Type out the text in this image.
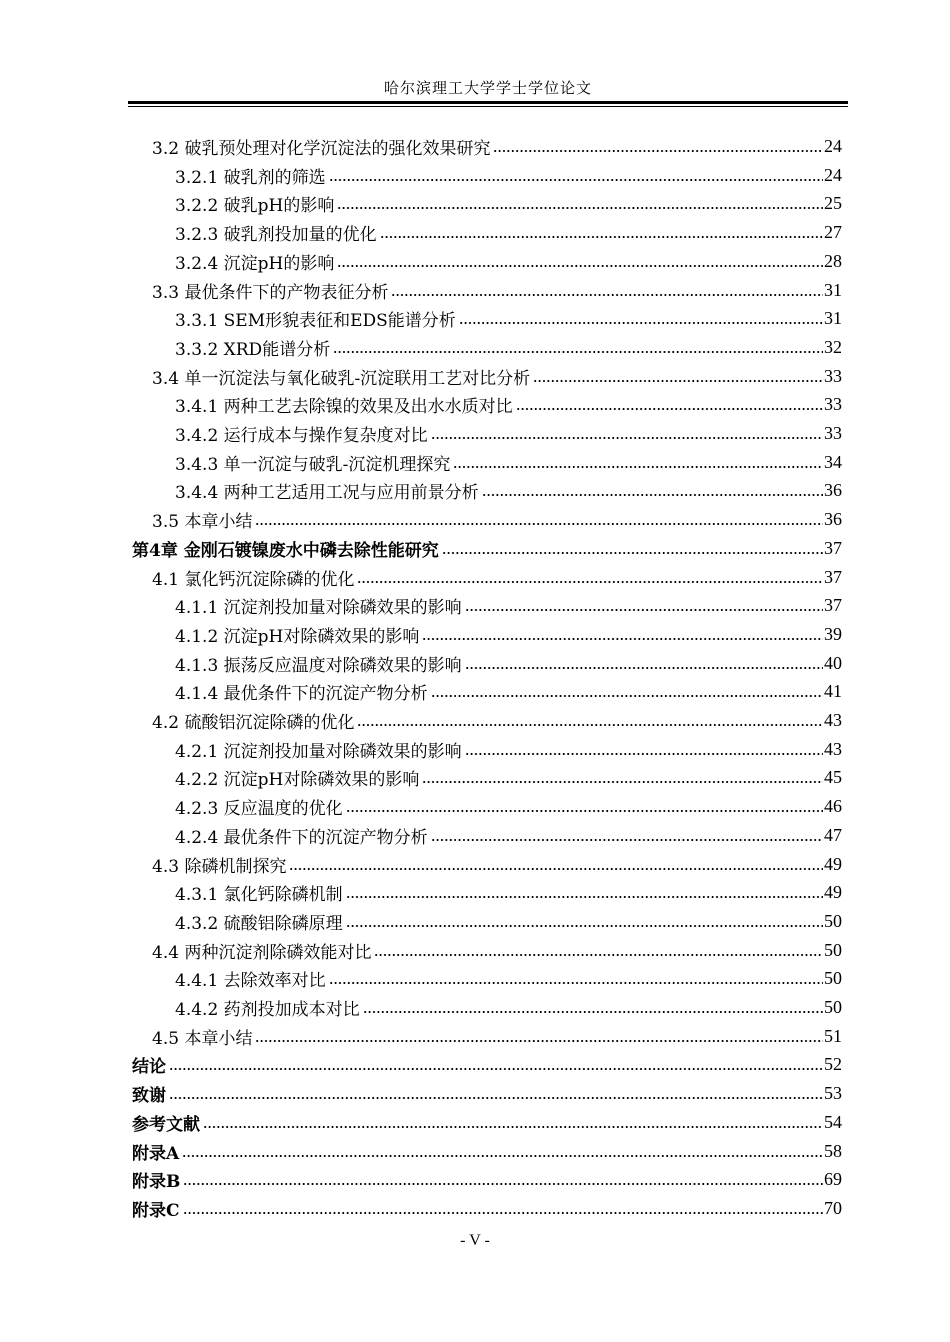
哈尔滨理工大学学士学位论文
3.2 破乳预处理对化学沉淀法的强化效果研究	24
3.2.1 破乳剂的筛选	24
3.2.2 破乳pH的影响	25
3.2.3 破乳剂投加量的优化	27
3.2.4 沉淀pH的影响	28
3.3 最优条件下的产物表征分析	31
3.3.1 SEM形貌表征和EDS能谱分析	31
3.3.2 XRD能谱分析	32
3.4 单一沉淀法与氧化破乳-沉淀联用工艺对比分析	33
3.4.1 两种工艺去除镍的效果及出水水质对比	33
3.4.2 运行成本与操作复杂度对比	33
3.4.3 单一沉淀与破乳-沉淀机理探究	34
3.4.4 两种工艺适用工况与应用前景分析	36
3.5 本章小结	36
第4章 金刚石镀镍废水中磷去除性能研究	37
4.1 氯化钙沉淀除磷的优化	37
4.1.1 沉淀剂投加量对除磷效果的影响	37
4.1.2 沉淀pH对除磷效果的影响	39
4.1.3 振荡反应温度对除磷效果的影响	40
4.1.4 最优条件下的沉淀产物分析	41
4.2 硫酸铝沉淀除磷的优化	43
4.2.1 沉淀剂投加量对除磷效果的影响	43
4.2.2 沉淀pH对除磷效果的影响	45
4.2.3 反应温度的优化	46
4.2.4 最优条件下的沉淀产物分析	47
4.3 除磷机制探究	49
4.3.1 氯化钙除磷机制	49
4.3.2 硫酸铝除磷原理	50
4.4 两种沉淀剂除磷效能对比	50
4.4.1 去除效率对比	50
4.4.2 药剂投加成本对比	50
4.5 本章小结	51
结论	52
致谢	53
参考文献	54
附录A	58
附录B	69
附录C	70
- V -
